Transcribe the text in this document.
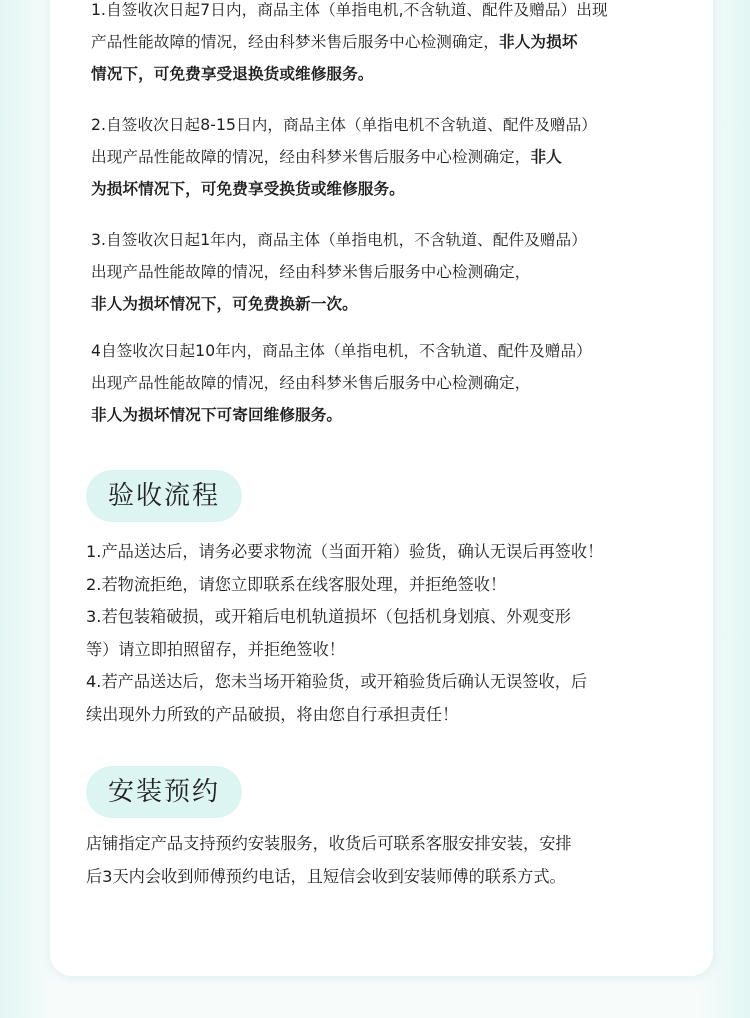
1.自签收次日起7日内，商品主体（单指电机,不含轨道、配件及赠品）出现

产品性能故障的情况，经由科梦米售后服务中心检测确定，非人为损坏

情况下，可免费享受退换货或维修服务。

2.自签收次日起8-15日内，商品主体（单指电机不含轨道、配件及赠品）

出现产品性能故障的情况，经由科梦米售后服务中心检测确定，非人

为损坏情况下，可免费享受换货或维修服务。

3.自签收次日起1年内，商品主体（单指电机，不含轨道、配件及赠品）

出现产品性能故障的情况，经由科梦米售后服务中心检测确定，

非人为损坏情况下，可免费换新一次。

4自签收次日起10年内，商品主体（单指电机，不含轨道、配件及赠品）

出现产品性能故障的情况，经由科梦米售后服务中心检测确定，

非人为损坏情况下可寄回维修服务。

验收流程

1.产品送达后，请务必要求物流（当面开箱）验货，确认无误后再签收！

2.若物流拒绝，请您立即联系在线客服处理，并拒绝签收！

3.若包装箱破损，或开箱后电机轨道损坏（包括机身划痕、外观变形

等）请立即拍照留存，并拒绝签收！

4.若产品送达后，您未当场开箱验货，或开箱验货后确认无误签收，后

续出现外力所致的产品破损，将由您自行承担责任！

安装预约

店铺指定产品支持预约安装服务，收货后可联系客服安排安装，安排

后3天内会收到师傅预约电话，且短信会收到安装师傅的联系方式。
